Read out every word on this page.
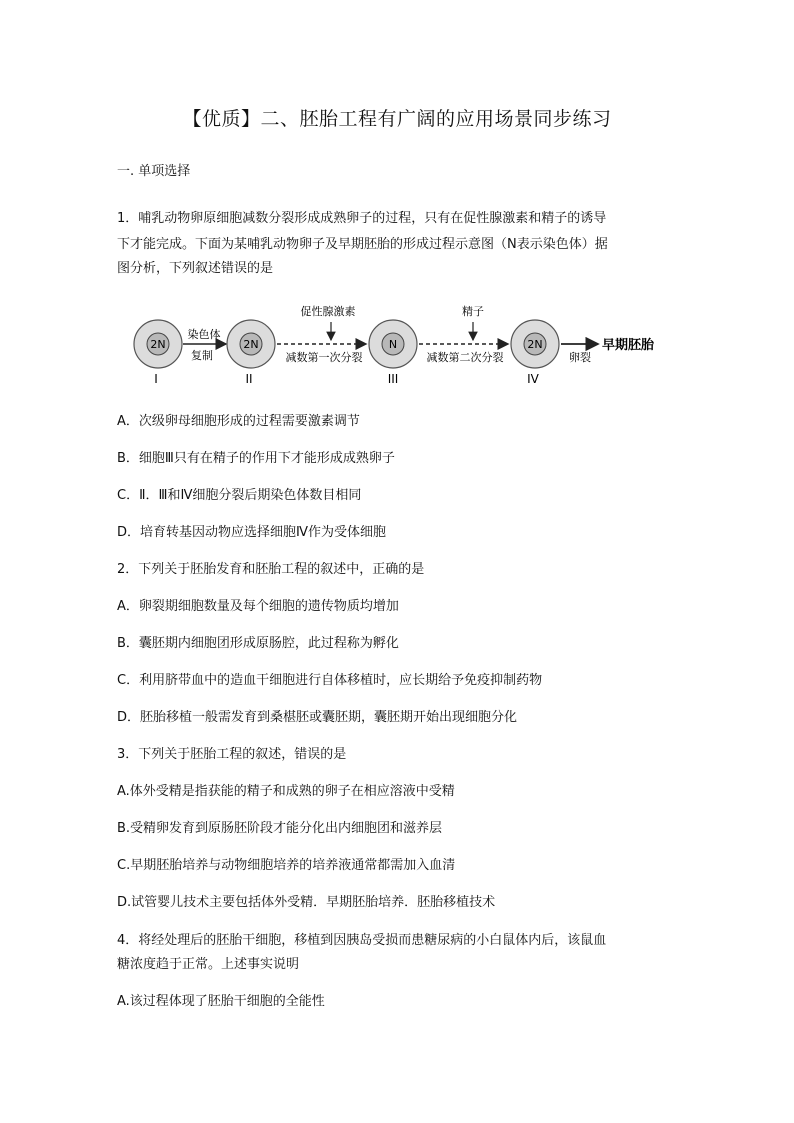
【优质】二、胚胎工程有广阔的应用场景同步练习
一. 单项选择
1．哺乳动物卵原细胞减数分裂形成成熟卵子的过程，只有在促性腺激素和精子的诱导
下才能完成。下面为某哺乳动物卵子及早期胚胎的形成过程示意图（N表示染色体）据
图分析，下列叙述错误的是
2N
I
染色体
复制
2N
II
促性腺激素
减数第一次分裂
N
III
精子
减数第二次分裂
2N
IV
卵裂
早期胚胎
A．次级卵母细胞形成的过程需要激素调节
B．细胞Ⅲ只有在精子的作用下才能形成成熟卵子
C．Ⅱ．Ⅲ和Ⅳ细胞分裂后期染色体数目相同
D．培育转基因动物应选择细胞Ⅳ作为受体细胞
2．下列关于胚胎发育和胚胎工程的叙述中，正确的是
A．卵裂期细胞数量及每个细胞的遗传物质均增加
B．囊胚期内细胞团形成原肠腔，此过程称为孵化
C．利用脐带血中的造血干细胞进行自体移植时，应长期给予免疫抑制药物
D．胚胎移植一般需发育到桑椹胚或囊胚期，囊胚期开始出现细胞分化
3．下列关于胚胎工程的叙述，错误的是
A.体外受精是指获能的精子和成熟的卵子在相应溶液中受精
B.受精卵发育到原肠胚阶段才能分化出内细胞团和滋养层
C.早期胚胎培养与动物细胞培养的培养液通常都需加入血清
D.试管婴儿技术主要包括体外受精．早期胚胎培养．胚胎移植技术
4．将经处理后的胚胎干细胞，移植到因胰岛受损而患糖尿病的小白鼠体内后，该鼠血
糖浓度趋于正常。上述事实说明
A.该过程体现了胚胎干细胞的全能性
